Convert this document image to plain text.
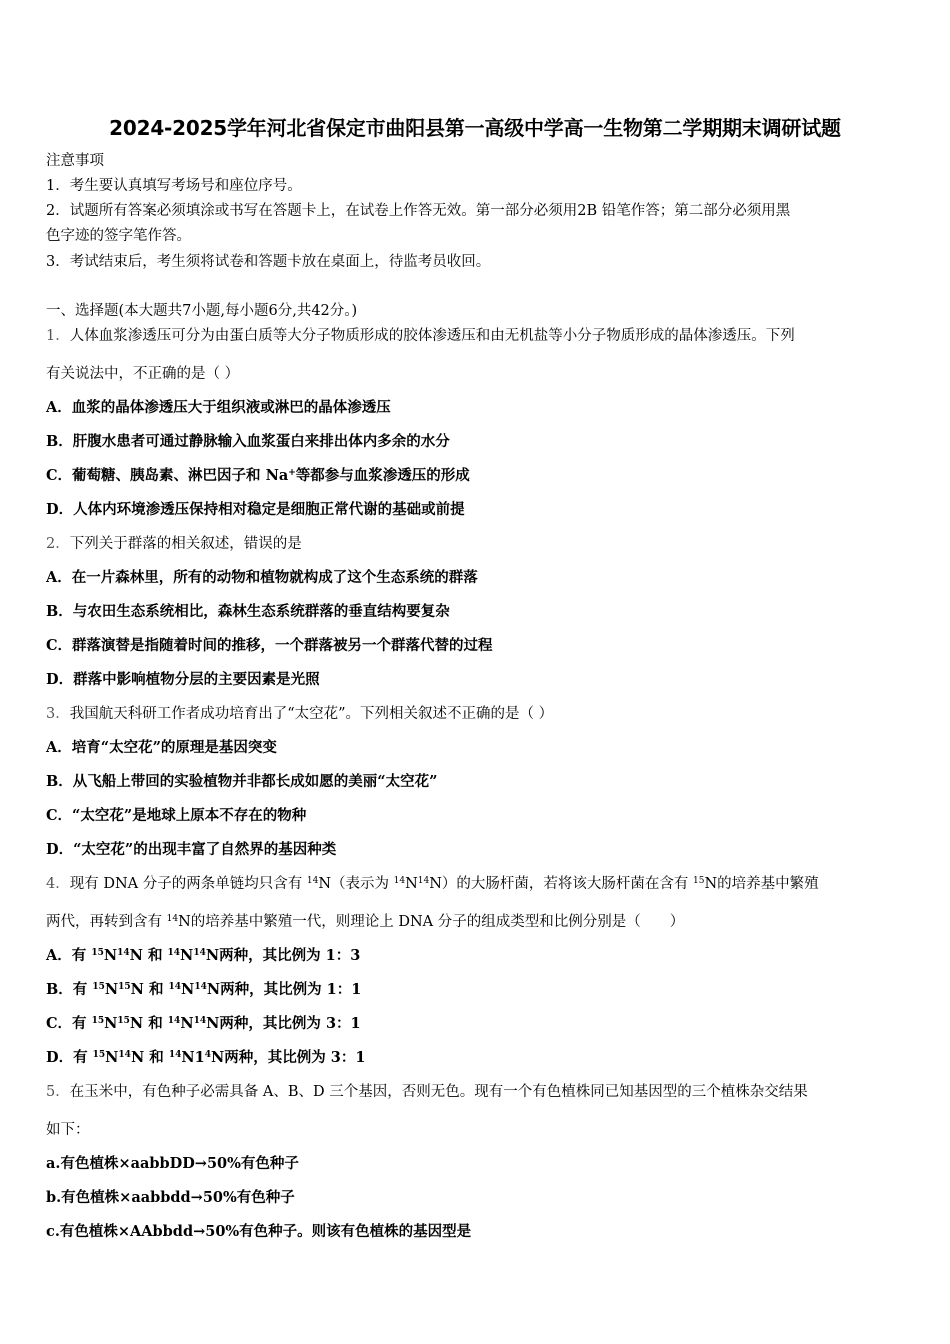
2024-2025学年河北省保定市曲阳县第一高级中学高一生物第二学期期末调研试题
注意事项
1．考生要认真填写考场号和座位序号。
2．试题所有答案必须填涂或书写在答题卡上，在试卷上作答无效。第一部分必须用2B 铅笔作答；第二部分必须用黑
色字迹的签字笔作答。
3．考试结束后，考生须将试卷和答题卡放在桌面上，待监考员收回。
一、选择题(本大题共7小题,每小题6分,共42分。)
1．人体血浆渗透压可分为由蛋白质等大分子物质形成的胶体渗透压和由无机盐等小分子物质形成的晶体渗透压。下列
有关说法中，不正确的是（ ）
A．血浆的晶体渗透压大于组织液或淋巴的晶体渗透压
B．肝腹水患者可通过静脉输入血浆蛋白来排出体内多余的水分
C．葡萄糖、胰岛素、淋巴因子和 Na+等都参与血浆渗透压的形成
D．人体内环境渗透压保持相对稳定是细胞正常代谢的基础或前提
2．下列关于群落的相关叙述，错误的是
A．在一片森林里，所有的动物和植物就构成了这个生态系统的群落
B．与农田生态系统相比，森林生态系统群落的垂直结构要复杂
C．群落演替是指随着时间的推移，一个群落被另一个群落代替的过程
D．群落中影响植物分层的主要因素是光照
3．我国航天科研工作者成功培育出了“太空花”。下列相关叙述不正确的是（ ）
A．培育“太空花”的原理是基因突变
B．从飞船上带回的实验植物并非都长成如愿的美丽“太空花”
C．“太空花”是地球上原本不存在的物种
D．“太空花”的出现丰富了自然界的基因种类
4．现有 DNA 分子的两条单链均只含有 $^{14}$N（表示为 $^{14}N^{14}N$）的大肠杆菌，若将该大肠杆菌在含有 $^{15}$N的培养基中繁殖
两代，再转到含有 $^{14}$N的培养基中繁殖一代，则理论上 DNA 分子的组成类型和比例分别是（　　）
A．有 $^{15}N^{14}N$ 和 $^{14}N^{14}N$两种，其比例为 1：3
B．有 $^{15}N^{15}N$ 和 $^{14}N^{14}N$两种，其比例为 1：1
C．有 $^{15}N^{15}N$ 和 $^{14}N^{14}N$两种，其比例为 3：1
D．有 $^{15}N^{14}N$ 和 $^{14}N1^4N$两种，其比例为 3：1
5．在玉米中，有色种子必需具备 A、B、D 三个基因，否则无色。现有一个有色植株同已知基因型的三个植株杂交结果
如下：
a.有色植株×aabbDD→50%有色种子
b.有色植株×aabbdd→50%有色种子
c.有色植株×AAbbdd→50%有色种子。则该有色植株的基因型是
